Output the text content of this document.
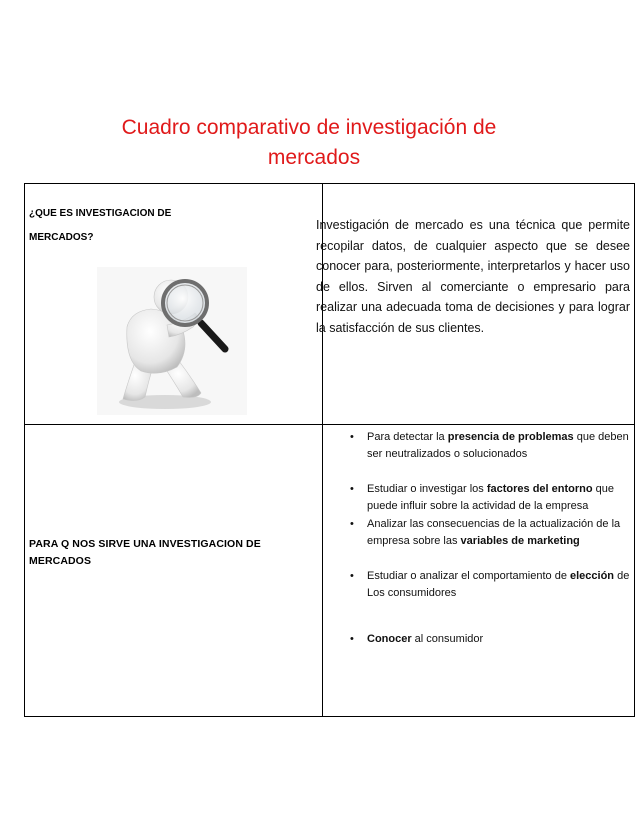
Cuadro comparativo de investigación de
mercados
¿QUE ES INVESTIGACION DE
MERCADOS?
Investigación de mercado es una técnica que permite recopilar datos, de cualquier aspecto que se desee conocer para, posteriormente, interpretarlos y hacer uso de ellos. Sirven al comerciante o empresario para realizar una adecuada toma de decisiones y para lograr la satisfacción de sus clientes.
PARA Q NOS SIRVE UNA INVESTIGACION DE MERCADOS
• Para detectar la presencia de problemas que deben ser neutralizados o solucionados
• Estudiar o investigar los factores del entorno que puede influir sobre la actividad de la empresa
• Analizar las consecuencias de la actualización de la empresa sobre las variables de marketing
• Estudiar o analizar el comportamiento de elección de Los consumidores
• Conocer al consumidor
